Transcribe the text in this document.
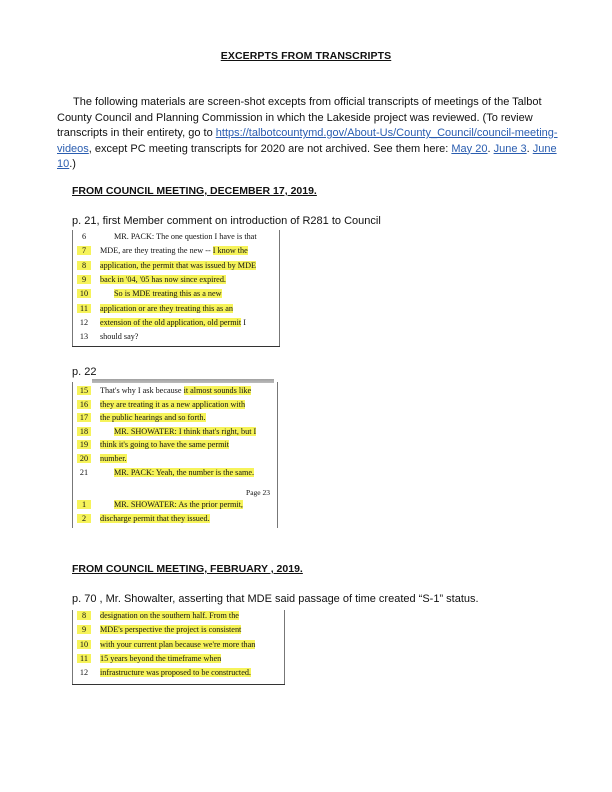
EXCERPTS FROM TRANSCRIPTS
The following materials are screen-shot excepts from official transcripts of meetings of the Talbot County Council and Planning Commission in which the Lakeside project was reviewed. (To review transcripts in their entirety, go to https://talbotcountymd.gov/About-Us/County_Council/council-meeting-videos, except PC meeting transcripts for 2020 are not archived. See them here: May 20. June 3. June 10.)
FROM COUNCIL MEETING, DECEMBER 17, 2019.
p. 21, first Member comment on introduction of R281 to Council
6	MR. PACK: The one question I have is that
7	MDE, are they treating the new -- I know the
8	application, the permit that was issued by MDE
9	back in '04, '05 has now since expired.
10	So is MDE treating this as a new
11	application or are they treating this as an
12	extension of the old application, old permit I
13	should say?
p. 22
Page 23
15	That's why I ask because it almost sounds like
16	they are treating it as a new application with
17	the public hearings and so forth.
18	MR. SHOWATER: I think that's right, but I
19	think it's going to have the same permit
20	number.
21	MR. PACK: Yeah, the number is the same.
1	MR. SHOWATER: As the prior permit,
2	discharge permit that they issued.
FROM COUNCIL MEETING, FEBRUARY , 2019.
p. 70 , Mr. Showalter, asserting that MDE said passage of time created “S-1” status.
8	designation on the southern half. From the
9	MDE's perspective the project is consistent
10	with your current plan because we're more than
11	15 years beyond the timeframe when
12	infrastructure was proposed to be constructed.
